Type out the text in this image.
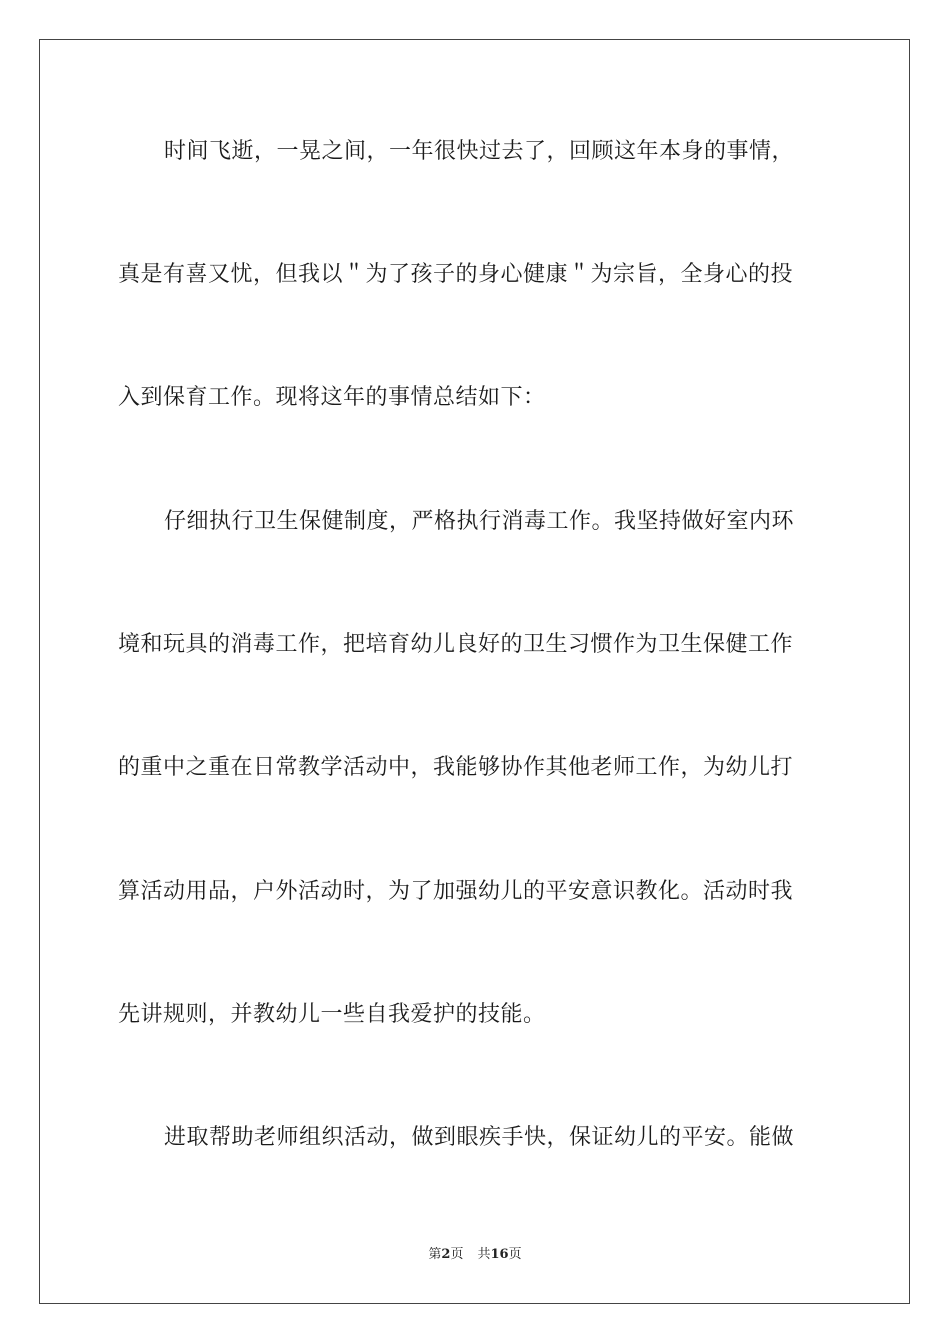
时间飞逝，一晃之间，一年很快过去了，回顾这年本身的事情，
真是有喜又忧，但我以＂为了孩子的身心健康＂为宗旨，全身心的投
入到保育工作。现将这年的事情总结如下：
仔细执行卫生保健制度，严格执行消毒工作。我坚持做好室内环
境和玩具的消毒工作，把培育幼儿良好的卫生习惯作为卫生保健工作
的重中之重在日常教学活动中，我能够协作其他老师工作，为幼儿打
算活动用品，户外活动时，为了加强幼儿的平安意识教化。活动时我
先讲规则，并教幼儿一些自我爱护的技能。
进取帮助老师组织活动，做到眼疾手快，保证幼儿的平安。能做
第2页 共16页
